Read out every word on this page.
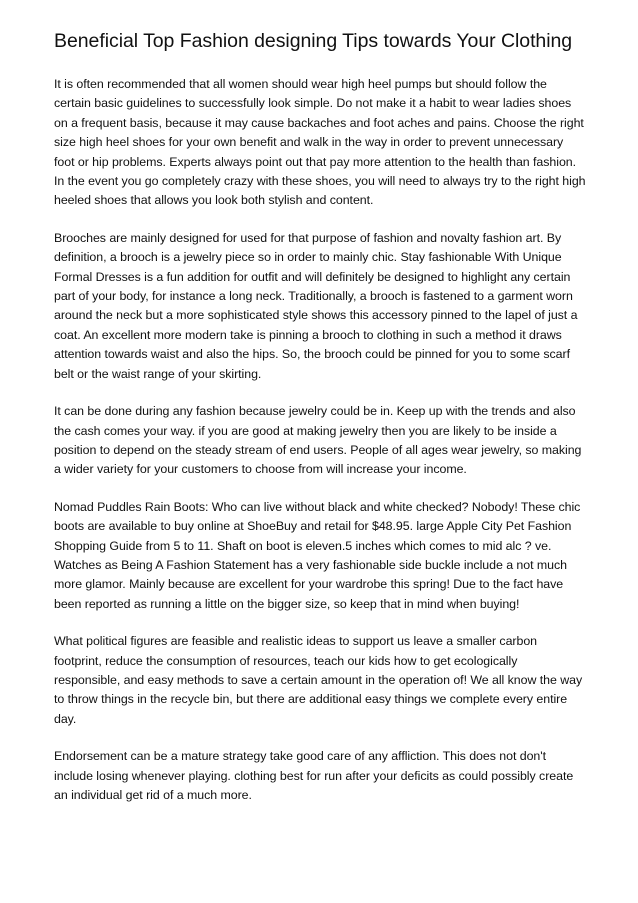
Beneficial Top Fashion designing Tips towards Your Clothing

It is often recommended that all women should wear high heel pumps but should follow the certain basic guidelines to successfully look simple. Do not make it a habit to wear ladies shoes on a frequent basis, because it may cause backaches and foot aches and pains. Choose the right size high heel shoes for your own benefit and walk in the way in order to prevent unnecessary foot or hip problems. Experts always point out that pay more attention to the health than fashion. In the event you go completely crazy with these shoes, you will need to always try to the right high heeled shoes that allows you look both stylish and content.

Brooches are mainly designed for used for that purpose of fashion and novalty fashion art. By definition, a brooch is a jewelry piece so in order to mainly chic. Stay fashionable With Unique Formal Dresses is a fun addition for outfit and will definitely be designed to highlight any certain part of your body, for instance a long neck. Traditionally, a brooch is fastened to a garment worn around the neck but a more sophisticated style shows this accessory pinned to the lapel of just a coat. An excellent more modern take is pinning a brooch to clothing in such a method it draws attention towards waist and also the hips. So, the brooch could be pinned for you to some scarf belt or the waist range of your skirting.

It can be done during any fashion because jewelry could be in. Keep up with the trends and also the cash comes your way. if you are good at making jewelry then you are likely to be inside a position to depend on the steady stream of end users. People of all ages wear jewelry, so making a wider variety for your customers to choose from will increase your income.

Nomad Puddles Rain Boots: Who can live without black and white checked? Nobody! These chic boots are available to buy online at ShoeBuy and retail for $48.95. large Apple City Pet Fashion Shopping Guide from 5 to 11. Shaft on boot is eleven.5 inches which comes to mid alc ? ve. Watches as Being A Fashion Statement has a very fashionable side buckle include a not much more glamor. Mainly because are excellent for your wardrobe this spring! Due to the fact have been reported as running a little on the bigger size, so keep that in mind when buying!

What political figures are feasible and realistic ideas to support us leave a smaller carbon footprint, reduce the consumption of resources, teach our kids how to get ecologically responsible, and easy methods to save a certain amount in the operation of! We all know the way to throw things in the recycle bin, but there are additional easy things we complete every entire day.

Endorsement can be a mature strategy take good care of any affliction. This does not don't include losing whenever playing. clothing best for run after your deficits as could possibly create an individual get rid of a much more.
